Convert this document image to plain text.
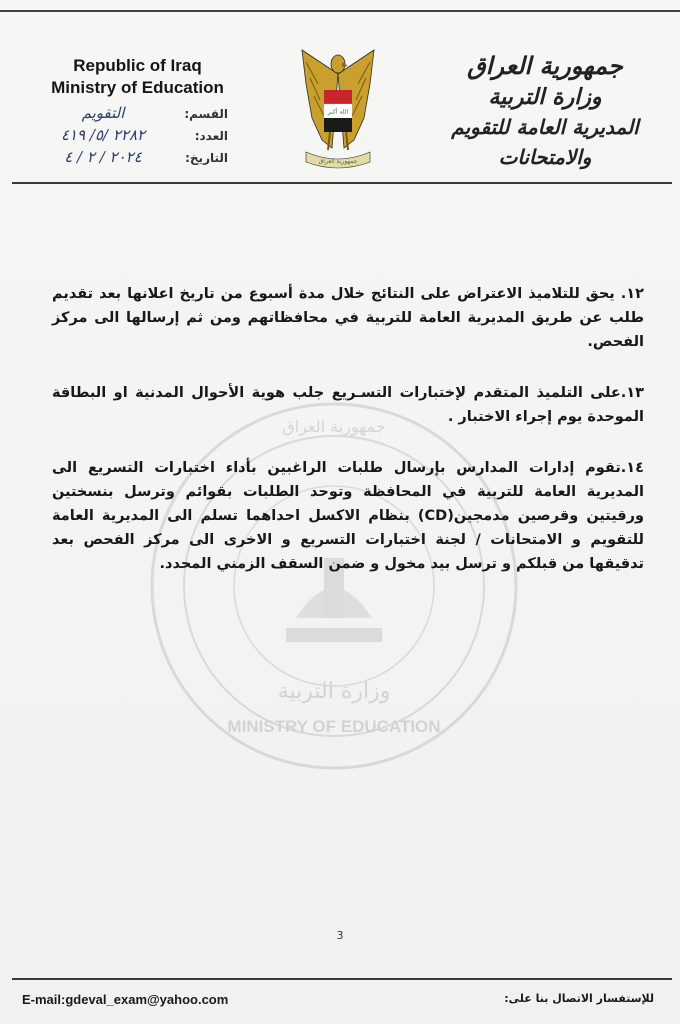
Republic of Iraq
Ministry of Education
جمهورية العراق
وزارة التربية
المديرية العامة للتقويم والامتحانات
الله أكبر
جمهورية العراق
القسم:
التقويم
العدد:
٢٢٨٢ /٥/ ٤١٩
التاريخ:
٢٠٢٤ / ٢ / ٤
جمهورية العراق
وزارة التربية
MINISTRY OF EDUCATION

١٢. يحق للتلاميذ الاعتراض على النتائج خلال مدة أسبوع من تاريخ اعلانها بعد تقديم طلب عن طريق المديرية العامة للتربية في محافظاتهم ومن ثم إرسالها الى مركز الفحص.

١٣.على التلميذ المتقدم لإختبارات التسـريع جلب هوية الأحوال المدنية او البطاقة الموحدة يوم إجراء الاختبار .

١٤.تقوم إدارات المدارس بإرسال طلبات الراغبين بأداء اختبارات التسريع الى المديرية العامة للتربية في المحافظة وتوحد الطلبات بقوائم وترسل بنسختين ورقيتين وقرصين مدمجين(CD) بنظام الاكسل احداهما تسلم الى المديرية العامة للتقويم و الامتحانات / لجنة اختبارات التسريع و الاخرى الى مركز الفحص بعد تدقيقها من قبلكم و ترسل بيد مخول و ضمن السقف الزمني المحدد.

3
E-mail:gdeval_exam@yahoo.com	للإستفسار الاتصال بنا على:
